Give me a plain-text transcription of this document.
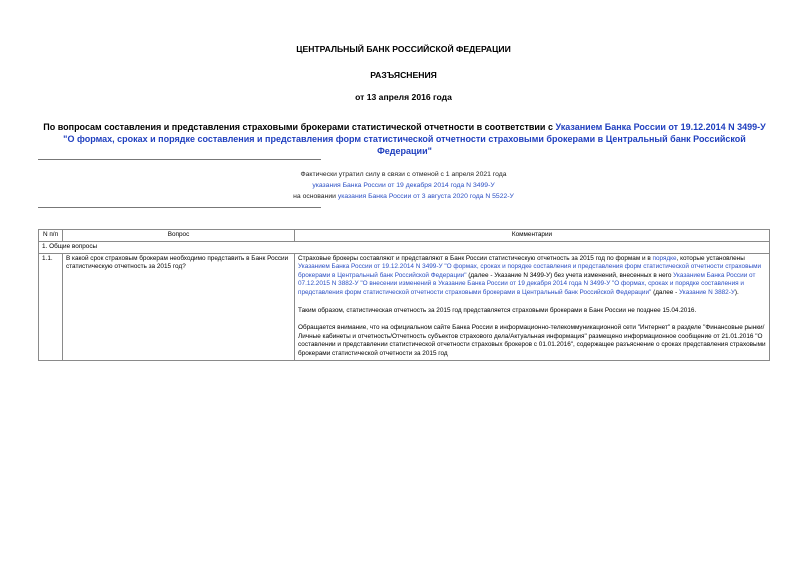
ЦЕНТРАЛЬНЫЙ БАНК РОССИЙСКОЙ ФЕДЕРАЦИИ
РАЗЪЯСНЕНИЯ
от 13 апреля 2016 года
По вопросам составления и представления страховыми брокерами статистической отчетности в соответствии с Указанием Банка России от 19.12.2014 N 3499-У "О формах, сроках и порядке составления и представления форм статистической отчетности страховыми брокерами в Центральный банк Российской Федерации"
Фактически утратил силу в связи с отменой с 1 апреля 2021 года
указания Банка России от 19 декабря 2014 года N 3499-У
на основании указания Банка России от 3 августа 2020 года N 5522-У
N п/п	Вопрос	Комментарии
1. Общие вопросы		
1.1.	В какой срок страховым брокерам необходимо представить в Банк России статистическую отчетность за 2015 год?	Страховые брокеры составляют и представляют в Банк России статистическую отчетность за 2015 год по формам и в порядке, которые установлены Указанием Банка России от 19.12.2014 N 3499-У "О формах, сроках и порядке составления и представления форм статистической отчетности страховыми брокерами в Центральный банк Российской Федерации" (далее - Указание N 3499-У) без учета изменений, внесенных в него Указанием Банка России от 07.12.2015 N 3882-У "О внесении изменений в Указание Банка России от 19 декабря 2014 года N 3499-У "О формах, сроках и порядке составления и представления форм статистической отчетности страховыми брокерами в Центральный банк Российской Федерации" (далее - Указание N 3882-У).

Таким образом, статистическая отчетность за 2015 год представляется страховыми брокерами в Банк России не позднее 15.04.2016.

Обращается внимание, что на официальном сайте Банка России в информационно-телекоммуникационной сети "Интернет" в разделе "Финансовые рынки/Личные кабинеты и отчетность/Отчетность субъектов страхового дела/Актуальная информация" размещено информационное сообщение от 21.01.2016 "О составлении и представлении статистической отчетности страховых брокеров с 01.01.2016", содержащее разъяснение о сроках представления страховыми брокерами статистической отчетности за 2015 год
